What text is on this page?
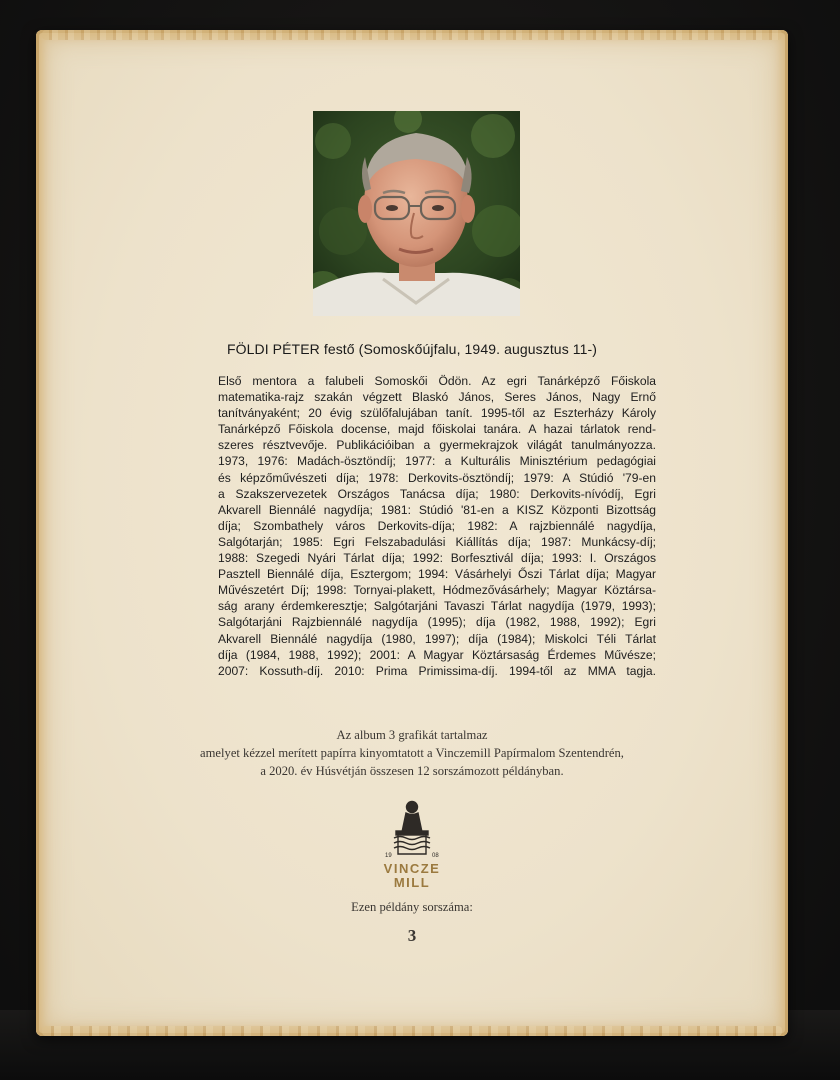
FÖLDI PÉTER festő (Somoskőújfalu, 1949. augusztus 11-)
Első mentora a falubeli Somoskői Ödön. Az egri Tanárképző Főiskola
matematika-rajz szakán végzett Blaskó János, Seres János, Nagy Ernő
tanítványaként; 20 évig szülőfalujában tanít. 1995-től az Eszterházy Károly
Tanárképző Főiskola docense, majd főiskolai tanára. A hazai tárlatok rend-
szeres résztvevője. Publikációiban a gyermekrajzok világát tanulmányozza.
1973, 1976: Madách-ösztöndíj; 1977: a Kulturális Minisztérium pedagógiai
és képzőművészeti díja; 1978: Derkovits-ösztöndíj; 1979: A Stúdió '79-en
a Szakszervezetek Országos Tanácsa díja; 1980: Derkovits-nívódíj, Egri
Akvarell Biennálé nagydíja; 1981: Stúdió '81-en a KISZ Központi Bizottság
díja; Szombathely város Derkovits-díja; 1982: A rajzbiennálé nagydíja,
Salgótarján; 1985: Egri Felszabadulási Kiállítás díja; 1987: Munkácsy-díj;
1988: Szegedi Nyári Tárlat díja; 1992: Borfesztivál díja; 1993: I. Országos
Pasztell Biennálé díja, Esztergom; 1994: Vásárhelyi Őszi Tárlat díja; Magyar
Művészetért Díj; 1998: Tornyai-plakett, Hódmezővásárhely; Magyar Köztársa-
ság arany érdemkeresztje; Salgótarjáni Tavaszi Tárlat nagydíja (1979, 1993);
Salgótarjáni Rajzbiennálé nagydíja (1995); díja (1982, 1988, 1992); Egri
Akvarell Biennálé nagydíja (1980, 1997); díja (1984); Miskolci Téli Tárlat
díja (1984, 1988, 1992); 2001: A Magyar Köztársaság Érdemes Művésze;
2007: Kossuth-díj. 2010: Prima Primissima-díj. 1994-től az MMA tagja.
Az album 3 grafikát tartalmaz
amelyet kézzel merített papírra kinyomtatott a Vinczemill Papírmalom Szentendrén,
a 2020. év Húsvétján összesen 12 sorszámozott példányban.
19	08
VINCZE
MILL
Ezen példány sorszáma:
3
